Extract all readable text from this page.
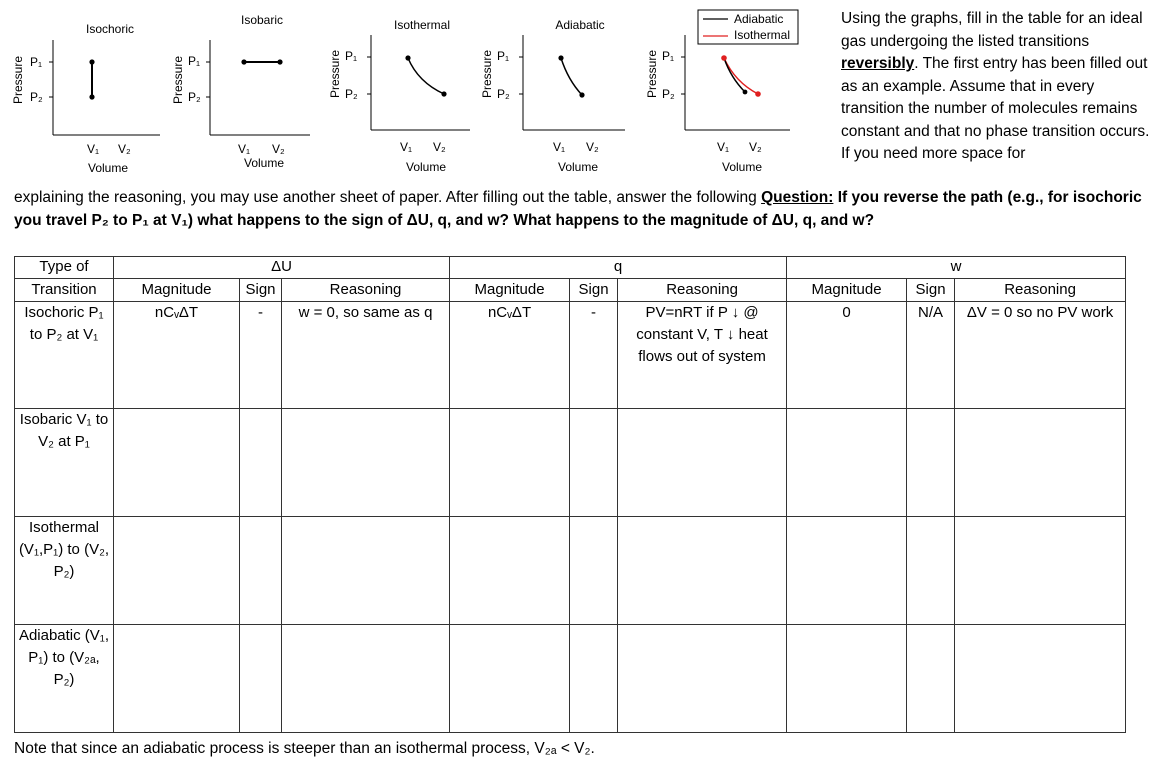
Isochoric
Pressure P₁
P₂
V₁ V₂
Volume
Isobaric
Pressure P₁
P₂
V₁ V₂
Volume
Isothermal
Pressure P₁
P₂
V₁ V₂
Volume
Adiabatic
Pressure P₁
P₂
V₁ V₂
Volume
Adiabatic
Isothermal
Pressure P₁
P₂
V₁ V₂
Volume
Using the graphs, fill in the table for an ideal gas undergoing the listed transitions reversibly. The first entry has been filled out as an example. Assume that in every transition the number of molecules remains constant and that no phase transition occurs. If you need more space for
explaining the reasoning, you may use another sheet of paper. After filling out the table, answer the following Question: If you reverse the path (e.g., for isochoric you travel P₂ to P₁ at V₁) what happens to the sign of ΔU, q, and w? What happens to the magnitude of ΔU, q, and w?
Type of	ΔU			q			w		
Transition	Magnitude	Sign	Reasoning	Magnitude	Sign	Reasoning	Magnitude	Sign	Reasoning
Isochoric P₁ to P₂ at V₁	nCᵥΔT	-	w = 0, so same as q	nCᵥΔT	-	PV=nRT if P ↓ @ constant V, T ↓ heat flows out of system	0	N/A	ΔV = 0 so no PV work
Isobaric V₁ to V₂ at P₁									
Isothermal (V₁,P₁) to (V₂, P₂)									
Adiabatic (V₁, P₁) to (V₂ₐ, P₂)									
Note that since an adiabatic process is steeper than an isothermal process, V₂ₐ < V₂.
